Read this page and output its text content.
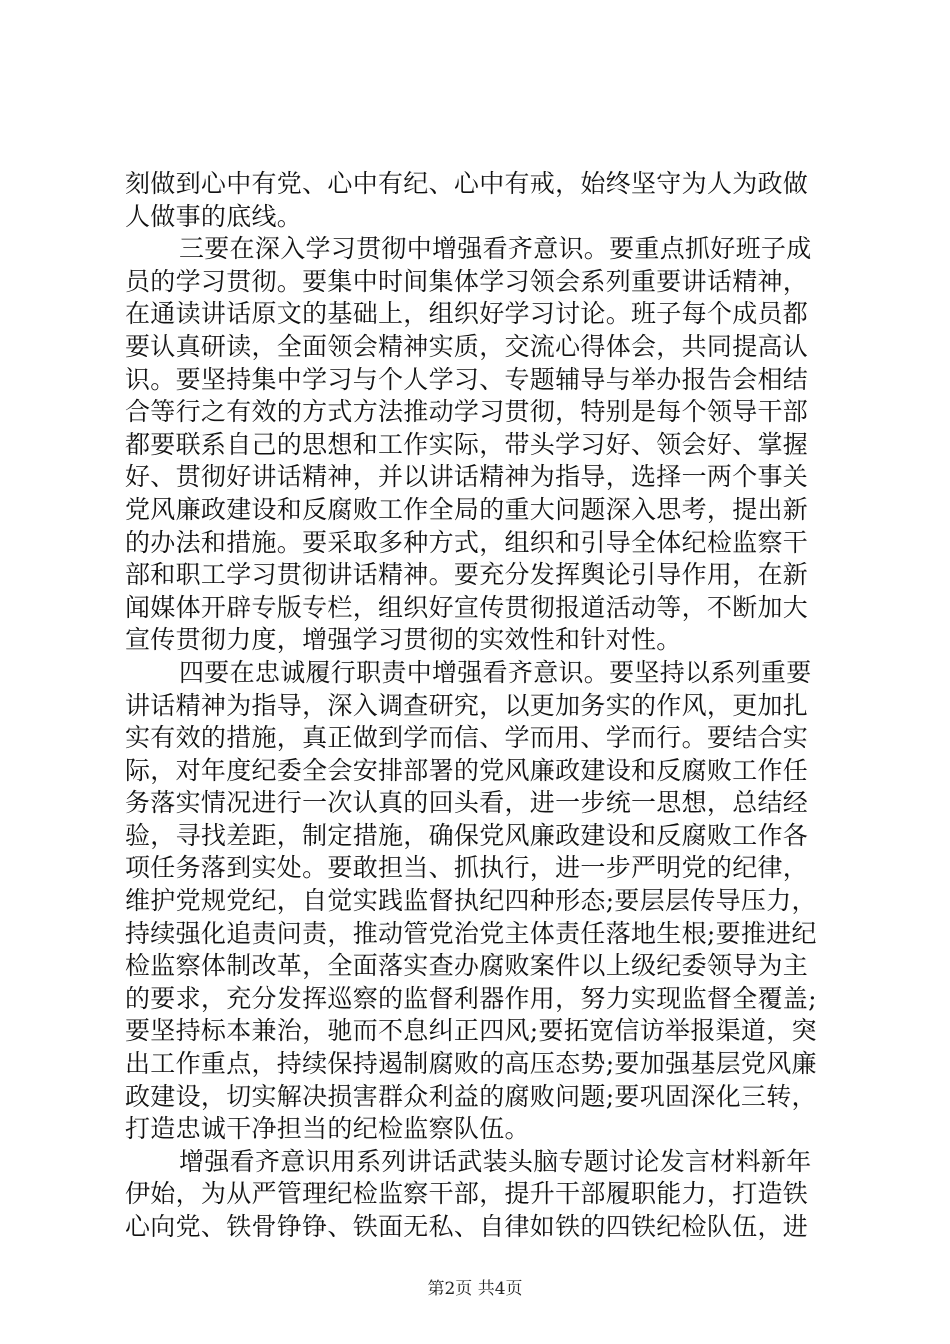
刻做到心中有党、心中有纪、心中有戒，始终坚守为人为政做
人做事的底线。
三要在深入学习贯彻中增强看齐意识。要重点抓好班子成
员的学习贯彻。要集中时间集体学习领会系列重要讲话精神，
在通读讲话原文的基础上，组织好学习讨论。班子每个成员都
要认真研读，全面领会精神实质，交流心得体会，共同提高认
识。要坚持集中学习与个人学习、专题辅导与举办报告会相结
合等行之有效的方式方法推动学习贯彻，特别是每个领导干部
都要联系自己的思想和工作实际，带头学习好、领会好、掌握
好、贯彻好讲话精神，并以讲话精神为指导，选择一两个事关
党风廉政建设和反腐败工作全局的重大问题深入思考，提出新
的办法和措施。要采取多种方式，组织和引导全体纪检监察干
部和职工学习贯彻讲话精神。要充分发挥舆论引导作用，在新
闻媒体开辟专版专栏，组织好宣传贯彻报道活动等，不断加大
宣传贯彻力度，增强学习贯彻的实效性和针对性。
四要在忠诚履行职责中增强看齐意识。要坚持以系列重要
讲话精神为指导，深入调查研究，以更加务实的作风，更加扎
实有效的措施，真正做到学而信、学而用、学而行。要结合实
际，对年度纪委全会安排部署的党风廉政建设和反腐败工作任
务落实情况进行一次认真的回头看，进一步统一思想，总结经
验，寻找差距，制定措施，确保党风廉政建设和反腐败工作各
项任务落到实处。要敢担当、抓执行，进一步严明党的纪律，
维护党规党纪，自觉实践监督执纪四种形态;要层层传导压力，
持续强化追责问责，推动管党治党主体责任落地生根;要推进纪
检监察体制改革，全面落实查办腐败案件以上级纪委领导为主
的要求，充分发挥巡察的监督利器作用，努力实现监督全覆盖;
要坚持标本兼治，驰而不息纠正四风;要拓宽信访举报渠道，突
出工作重点，持续保持遏制腐败的高压态势;要加强基层党风廉
政建设，切实解决损害群众利益的腐败问题;要巩固深化三转，
打造忠诚干净担当的纪检监察队伍。
增强看齐意识用系列讲话武装头脑专题讨论发言材料新年
伊始，为从严管理纪检监察干部，提升干部履职能力，打造铁
心向党、铁骨铮铮、铁面无私、自律如铁的四铁纪检队伍，进
第2页 共4页
